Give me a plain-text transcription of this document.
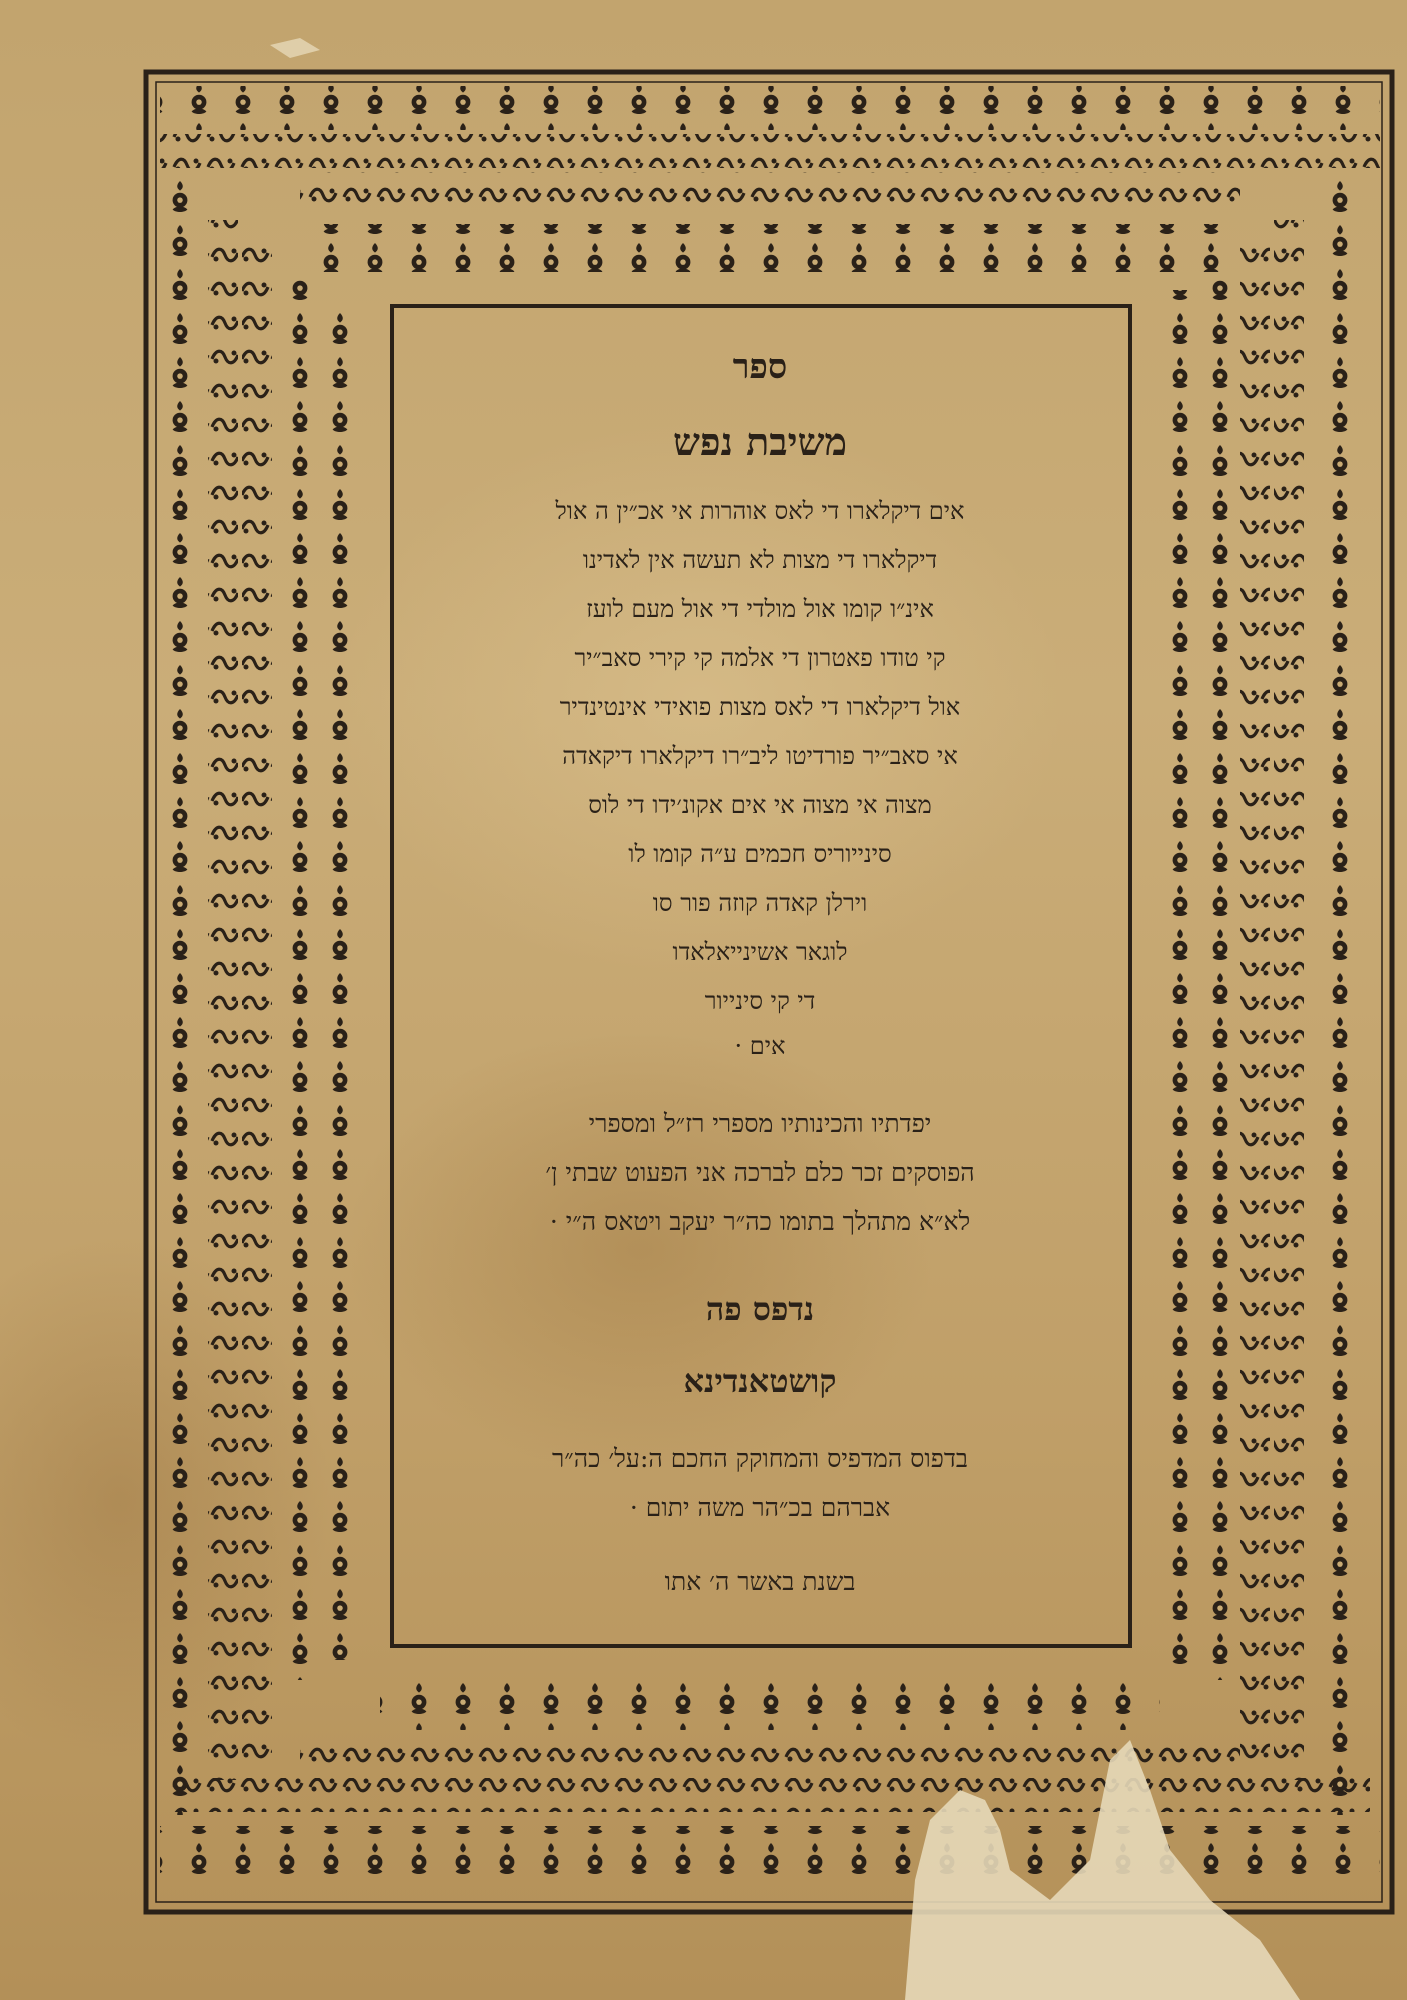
ספר
משיבת נפש
אים דיקלארו די לאס אוהרות אי אכ״ין ה אול
דיקלארו די מצות לא תעשה אין לאדינו
אינ״ו קומו אול מולדי די אול מעם לועז
קי טודו פאטרון די אלמה קי קירי סאב״יר
אול דיקלארו די לאס מצות פואידי אינטינדיר
אי סאב״יר פורדיטו ליב״רו דיקלארו דיקאדה
מצוה אי מצוה אי אים אקונ׳ידו די לוס
סינייוריס חכמים ע״ה קומו לו
וירלן קאדה קוזה פור סו
לוגאר אשינייאלאדו
די קי סינייור
אים ·
יפדתיו והכינותיו מספרי רז״ל ומספרי
הפוסקים זכר כלם לברכה אני הפעוט שבתי ן׳
לא״א מתהלך בתומו כה״ר יעקב ויטאס ה״י ·
נדפס פה
קושטאנדינא
בדפוס המדפיס והמחוקק החכם ה:על׳ כה״ר
אברהם בכ״הר משה יתום ·
בשנת באשר ה׳ אתו
